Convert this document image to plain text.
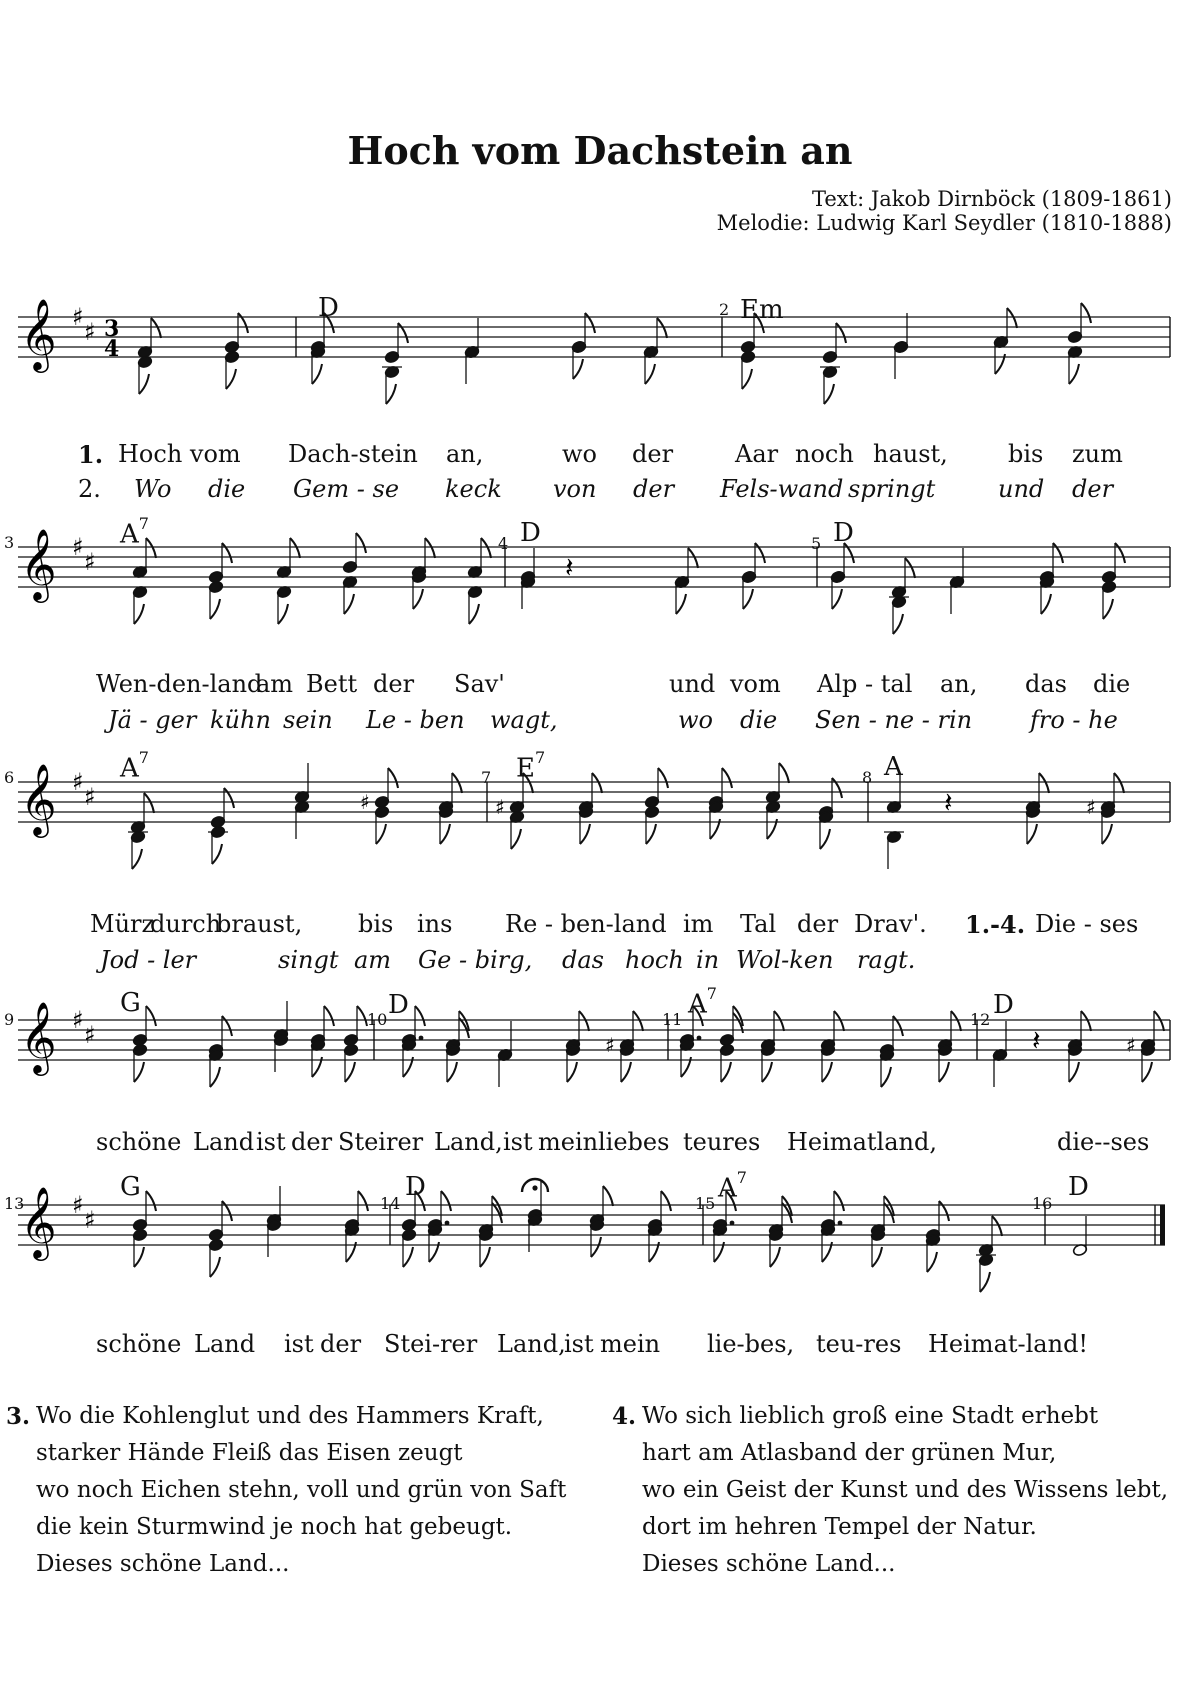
Hoch vom Dachstein an
Text: Jakob Dirnböck (1809-1861)
Melodie: Ludwig Karl Seydler (1810-1888)
𝄞 ♯
♯ 3
4
𝄞 ♯
♯
𝄞 ♯
♯
𝄞 ♯
♯
𝄞 ♯
♯
𝄽
♯	♯	♯
𝄽
♯	♯
𝄽
D	2 Em
1. Hoch vom Dach-stein an,	wo der	Aar noch haust,	bis zum
2. Wo die Gem - se keck von der Fels-wand springt	und der
3	$A^7$
4 D	5 D
Wen-den-land
am Bett der Sav'	und vom Alp - tal an, das die
Jä - ger kühn sein Le - ben wagt,	wo die Sen - ne - rin fro - he
6	$A^7$
7 $E^7$
8 A
Mürz
durch
braust, bis ins Re - ben-land im Tal der Drav'. 1.-4. Die - ses
Jod - ler	singt am Ge - birg, das hoch in Wol-ken ragt.
9
G
10 D	11 $A^7$
12 D
schöne Land ist der Steirer Land, ist mein liebes teures Heimatland,	die--ses
13
G
14
D
15 $A^7$
16
D
schöne Land ist der Stei-rer Land,
ist mein lie-bes, teu-res Heimat-land!
3. Wo die Kohlenglut und des Hammers Kraft,
starker Hände Fleiß das Eisen zeugt
wo noch Eichen stehn, voll und grün von Saft
die kein Sturmwind je noch hat gebeugt.
Dieses schöne Land...
4. Wo sich lieblich groß eine Stadt erhebt
hart am Atlasband der grünen Mur,
wo ein Geist der Kunst und des Wissens lebt,
dort im hehren Tempel der Natur.
Dieses schöne Land...
